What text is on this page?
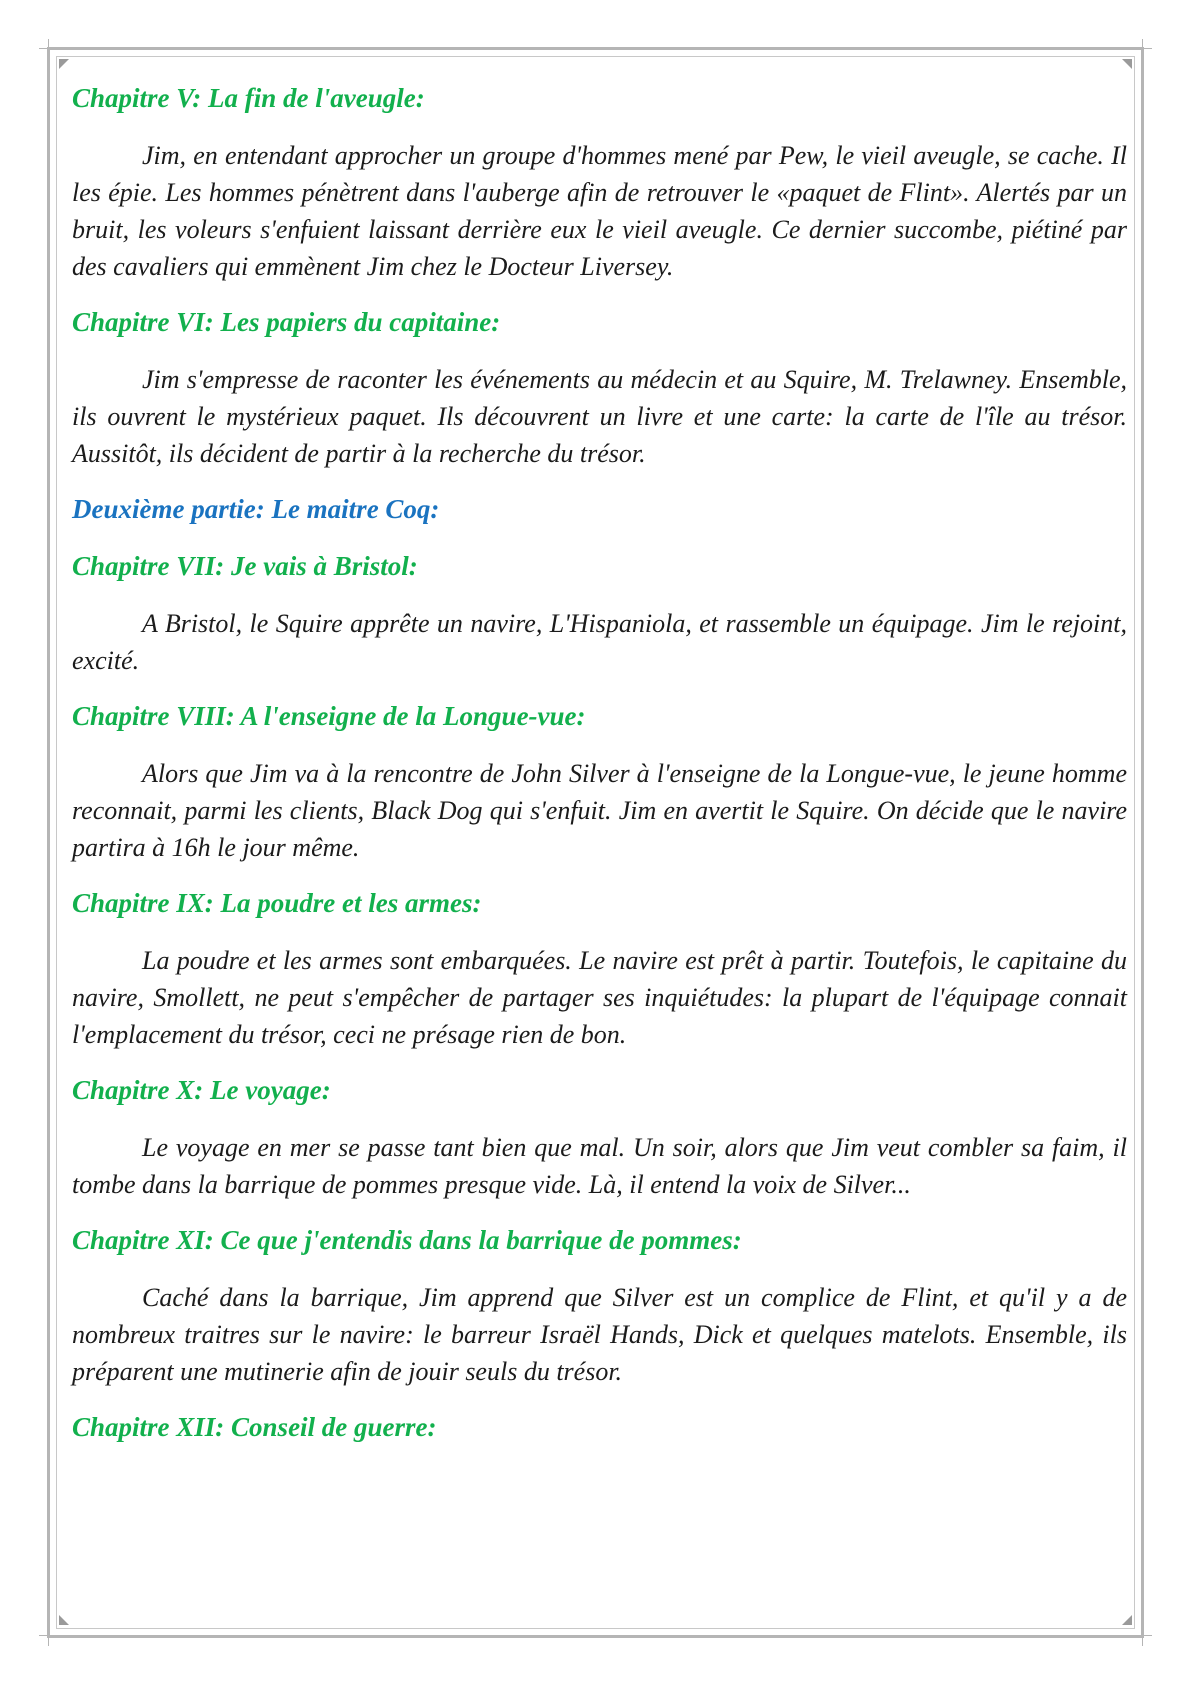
Chapitre V: La fin de l'aveugle:

Jim, en entendant approcher un groupe d'hommes mené par Pew, le vieil aveugle, se cache. Il les épie. Les hommes pénètrent dans l'auberge afin de retrouver le «paquet de Flint». Alertés par un bruit, les voleurs s'enfuient laissant derrière eux le vieil aveugle. Ce dernier succombe, piétiné par des cavaliers qui emmènent Jim chez le Docteur Liversey.

Chapitre VI: Les papiers du capitaine:

Jim s'empresse de raconter les événements au médecin et au Squire, M. Trelawney. Ensemble, ils ouvrent le mystérieux paquet. Ils découvrent un livre et une carte: la carte de l'île au trésor. Aussitôt, ils décident de partir à la recherche du trésor.

Deuxième partie: Le maitre Coq:

Chapitre VII: Je vais à Bristol:

A Bristol, le Squire apprête un navire, L'Hispaniola, et rassemble un équipage. Jim le rejoint, excité.

Chapitre VIII: A l'enseigne de la Longue-vue:

Alors que Jim va à la rencontre de John Silver à l'enseigne de la Longue-vue, le jeune homme reconnait, parmi les clients, Black Dog qui s'enfuit. Jim en avertit le Squire. On décide que le navire partira à 16h le jour même.

Chapitre IX: La poudre et les armes:

La poudre et les armes sont embarquées. Le navire est prêt à partir. Toutefois, le capitaine du navire, Smollett, ne peut s'empêcher de partager ses inquiétudes: la plupart de l'équipage connait l'emplacement du trésor, ceci ne présage rien de bon.

Chapitre X: Le voyage:

Le voyage en mer se passe tant bien que mal. Un soir, alors que Jim veut combler sa faim, il tombe dans la barrique de pommes presque vide. Là, il entend la voix de Silver...

Chapitre XI: Ce que j'entendis dans la barrique de pommes:

Caché dans la barrique, Jim apprend que Silver est un complice de Flint, et qu'il y a de nombreux traitres sur le navire: le barreur Israël Hands, Dick et quelques matelots. Ensemble, ils préparent une mutinerie afin de jouir seuls du trésor.

Chapitre XII: Conseil de guerre:
